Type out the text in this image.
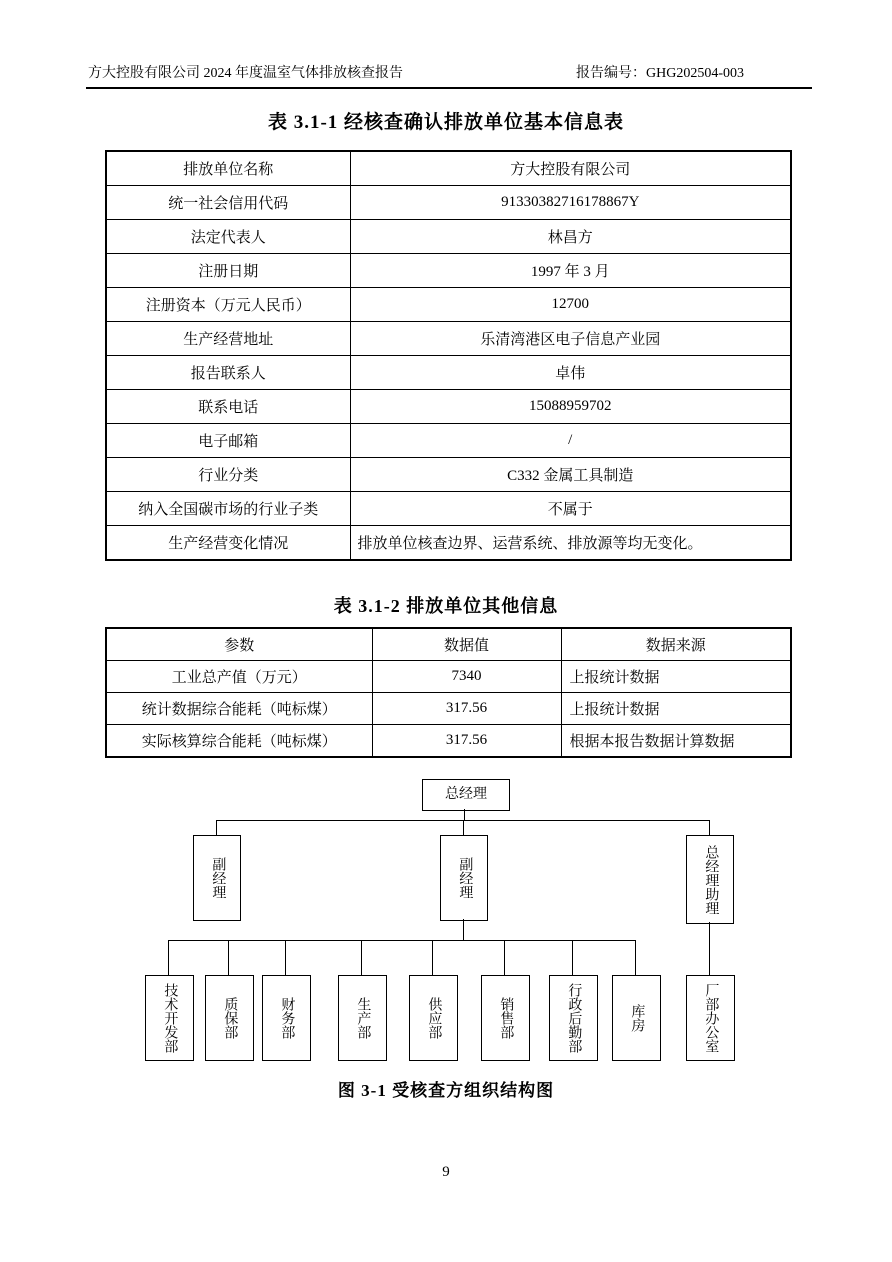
方大控股有限公司 2024 年度温室气体排放核查报告	报告编号：GHG202504-003
表 3.1-1 经核查确认排放单位基本信息表
排放单位名称	方大控股有限公司
统一社会信用代码	91330382716178867Y
法定代表人	林昌方
注册日期	1997 年 3 月
注册资本（万元人民币）	12700
生产经营地址	乐清湾港区电子信息产业园
报告联系人	卓伟
联系电话	15088959702
电子邮箱	/
行业分类	C332 金属工具制造
纳入全国碳市场的行业子类	不属于
生产经营变化情况	排放单位核查边界、运营系统、排放源等均无变化。
表 3.1-2 排放单位其他信息
参数	数据值	数据来源
工业总产值（万元）	7340	上报统计数据
统计数据综合能耗（吨标煤）	317.56	上报统计数据
实际核算综合能耗（吨标煤）	317.56	根据本报告数据计算数据
总经理
副经理	副经理	总经理助理
技术开发部	质保部	财务部	生产部	供应部	销售部	行政后勤部	库房	厂部办公室
图 3-1 受核查方组织结构图
9
